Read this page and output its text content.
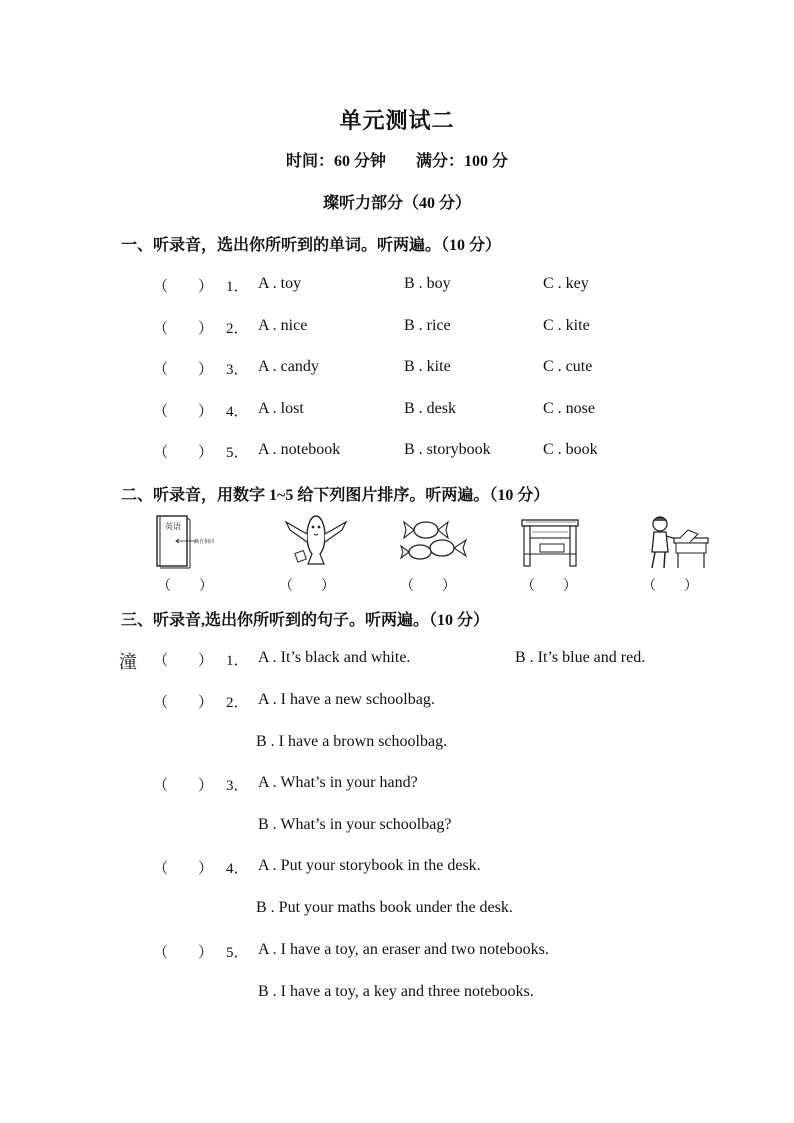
单元测试二
时间：60 分钟 满分：100 分
璨听力部分（40 分）
一、听录音，选出你所听到的单词。听两遍。（10 分）
（　　） 1． A . toy	B . boy	C . key
（　　） 2． A . nice	B . rice	C . kite
（　　） 3． A . candy	B . kite	C . cute
（　　） 4． A . lost	B . desk	C . nose
（　　） 5． A . notebook	B . storybook	C . book
二、听录音，用数字 1~5 给下列图片排序。听两遍。（10 分）
英语
摘自相同
（　　）	（　　）	（　　）	（　　）	（　　）
三、听录音,选出你所听到的句子。听两遍。（10 分）
潼 （　　） 1． A . It’s black and white.	B . It’s blue and red.
（　　） 2． A . I have a new schoolbag.
B . I have a brown schoolbag.
（　　） 3． A . What’s in your hand?
B . What’s in your schoolbag?
（　　） 4． A . Put your storybook in the desk.
B . Put your maths book under the desk.
（　　） 5． A . I have a toy, an eraser and two notebooks.
B . I have a toy, a key and three notebooks.
